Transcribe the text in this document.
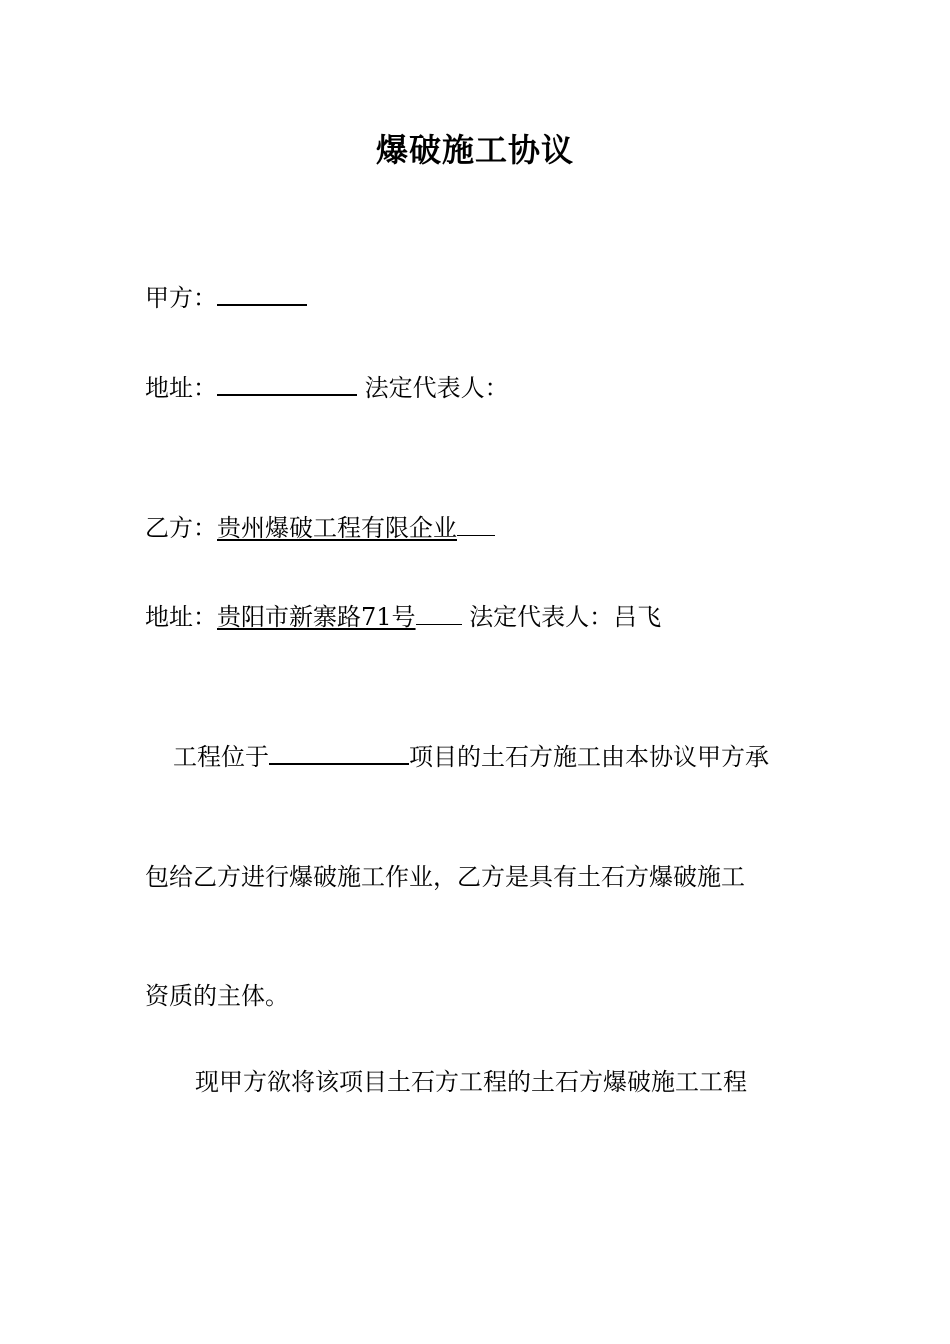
爆破施工协议
甲方：
地址：	法定代表人：
乙方：贵州爆破工程有限企业
地址：贵阳市新寨路71号 法定代表人：吕飞
工程位于	项目的土石方施工由本协议甲方承
包给乙方进行爆破施工作业，乙方是具有土石方爆破施工
资质的主体。
现甲方欲将该项目土石方工程的土石方爆破施工工程
